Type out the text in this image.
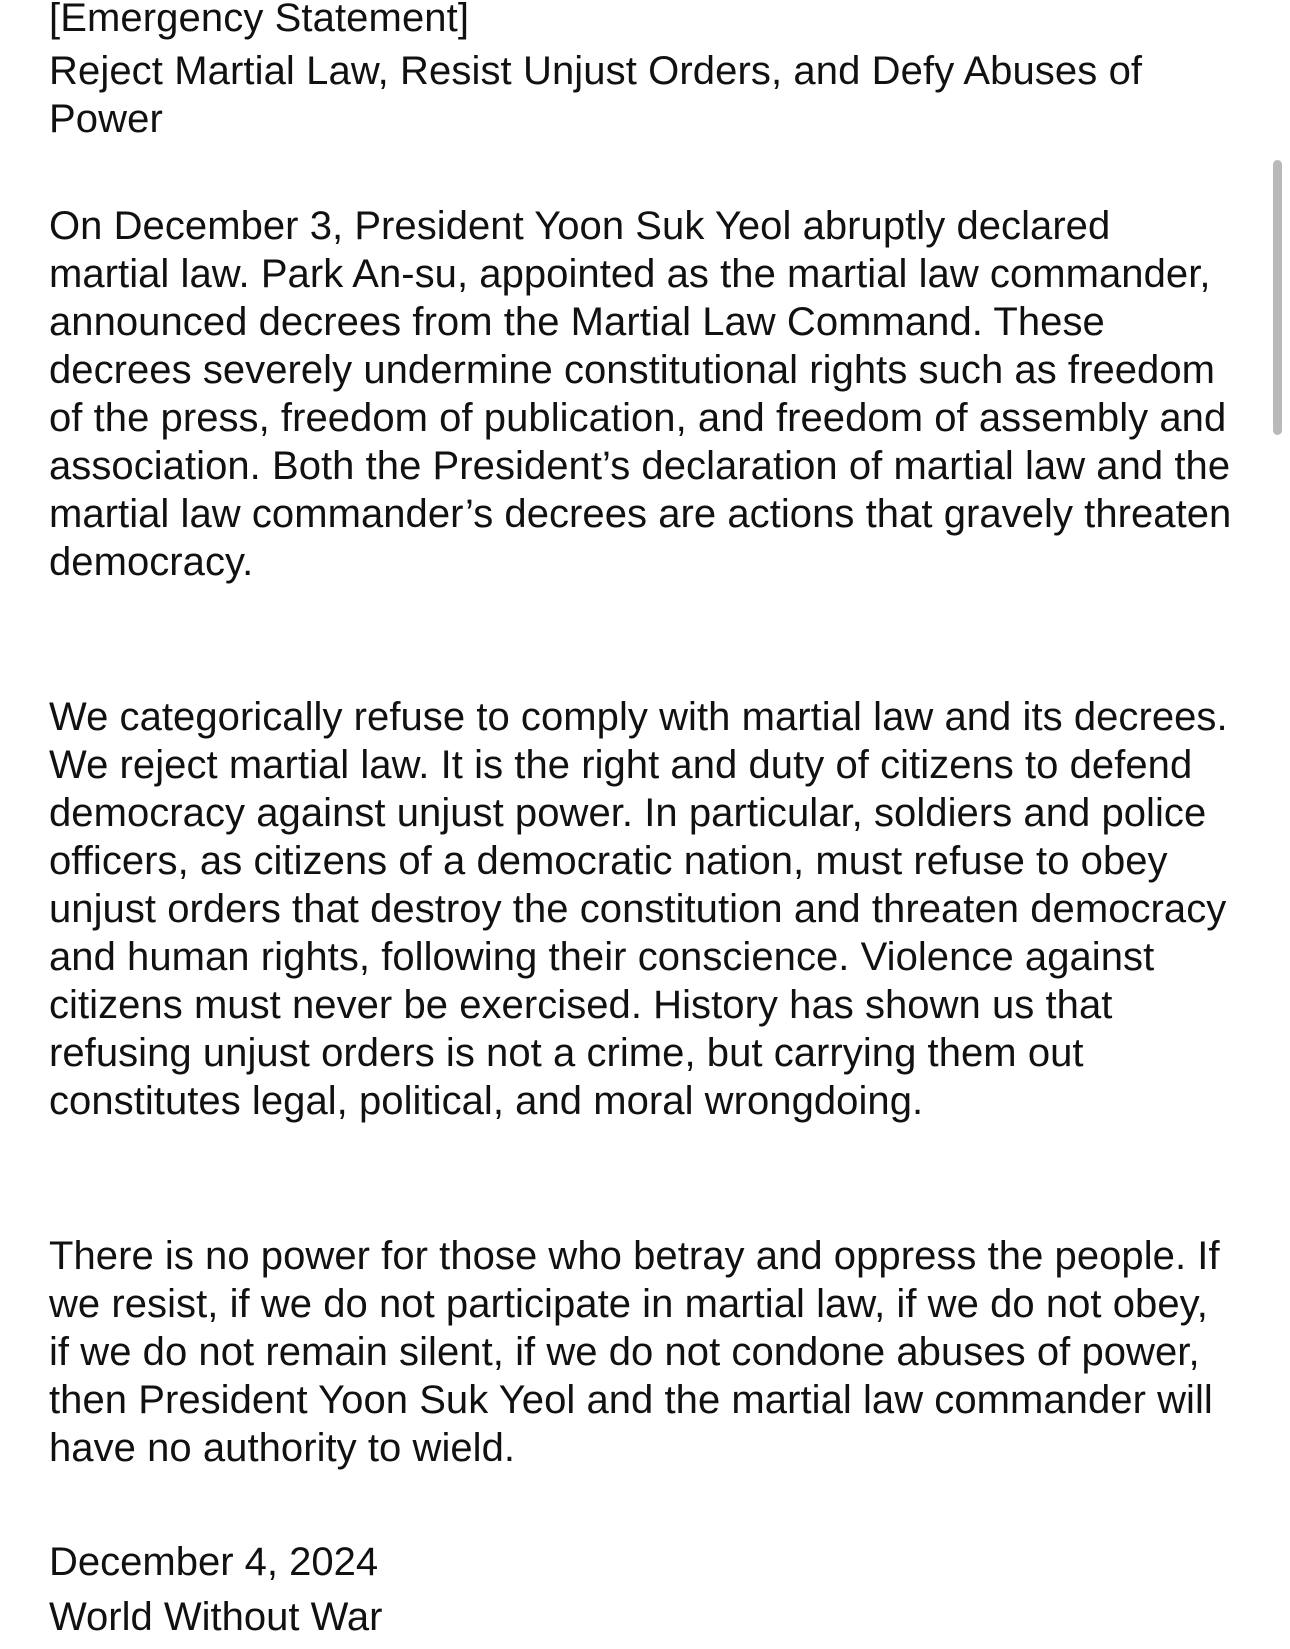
[Emergency Statement]
Reject Martial Law, Resist Unjust Orders, and Defy Abuses of Power

On December 3, President Yoon Suk Yeol abruptly declared martial law. Park An-su, appointed as the martial law commander, announced decrees from the Martial Law Command. These decrees severely undermine constitutional rights such as freedom of the press, freedom of publication, and freedom of assembly and association. Both the President’s declaration of martial law and the martial law commander’s decrees are actions that gravely threaten democracy.

We categorically refuse to comply with martial law and its decrees. We reject martial law. It is the right and duty of citizens to defend democracy against unjust power. In particular, soldiers and police officers, as citizens of a democratic nation, must refuse to obey unjust orders that destroy the constitution and threaten democracy and human rights, following their conscience. Violence against citizens must never be exercised. History has shown us that refusing unjust orders is not a crime, but carrying them out constitutes legal, political, and moral wrongdoing.

There is no power for those who betray and oppress the people. If we resist, if we do not participate in martial law, if we do not obey, if we do not remain silent, if we do not condone abuses of power, then President Yoon Suk Yeol and the martial law commander will have no authority to wield.

December 4, 2024
World Without War
